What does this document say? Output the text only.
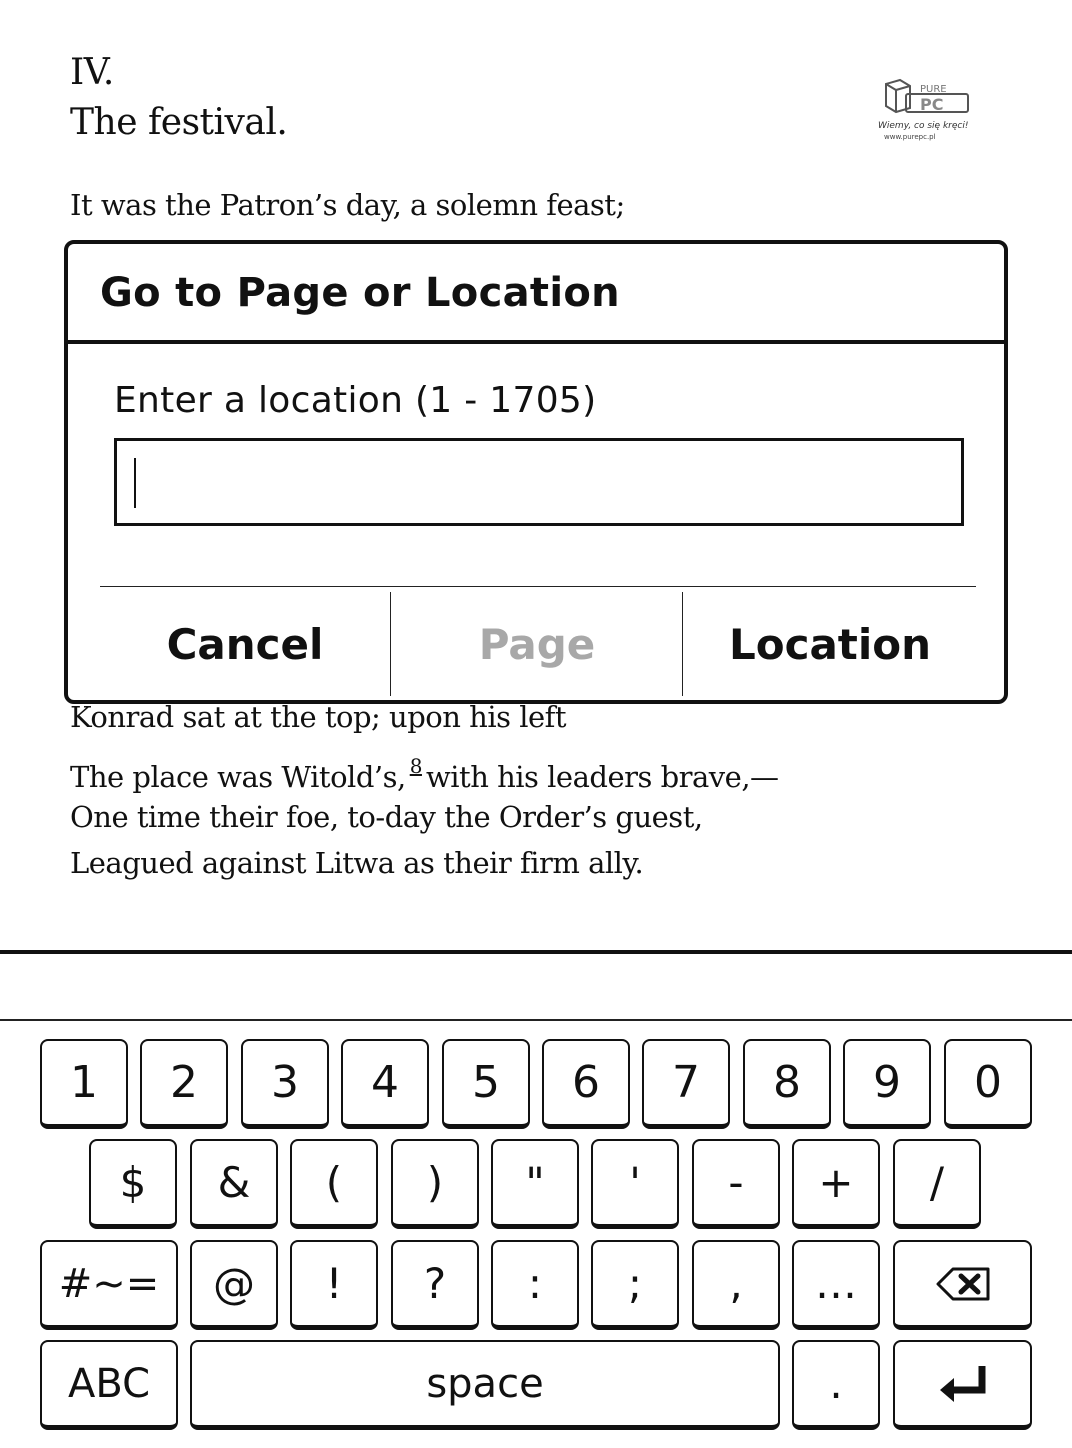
IV.
The festival.
It was the Patron’s day, a solemn feast;
PURE
PC
Wiemy, co się kręci!
www.purepc.pl
Go to Page or Location
Enter a location (1 - 1705)
Cancel	Page	Location
Konrad sat at the top; upon his left
The place was Witold’s, $^8$ with his leaders brave,—
One time their foe, to-day the Order’s guest,
Leagued against Litwa as their firm ally.
1 2 3 4 5 6 7 8 9 0
$ & ( ) " ' - + /
#~= @ ! ? : ; , …
ABC	space	.
